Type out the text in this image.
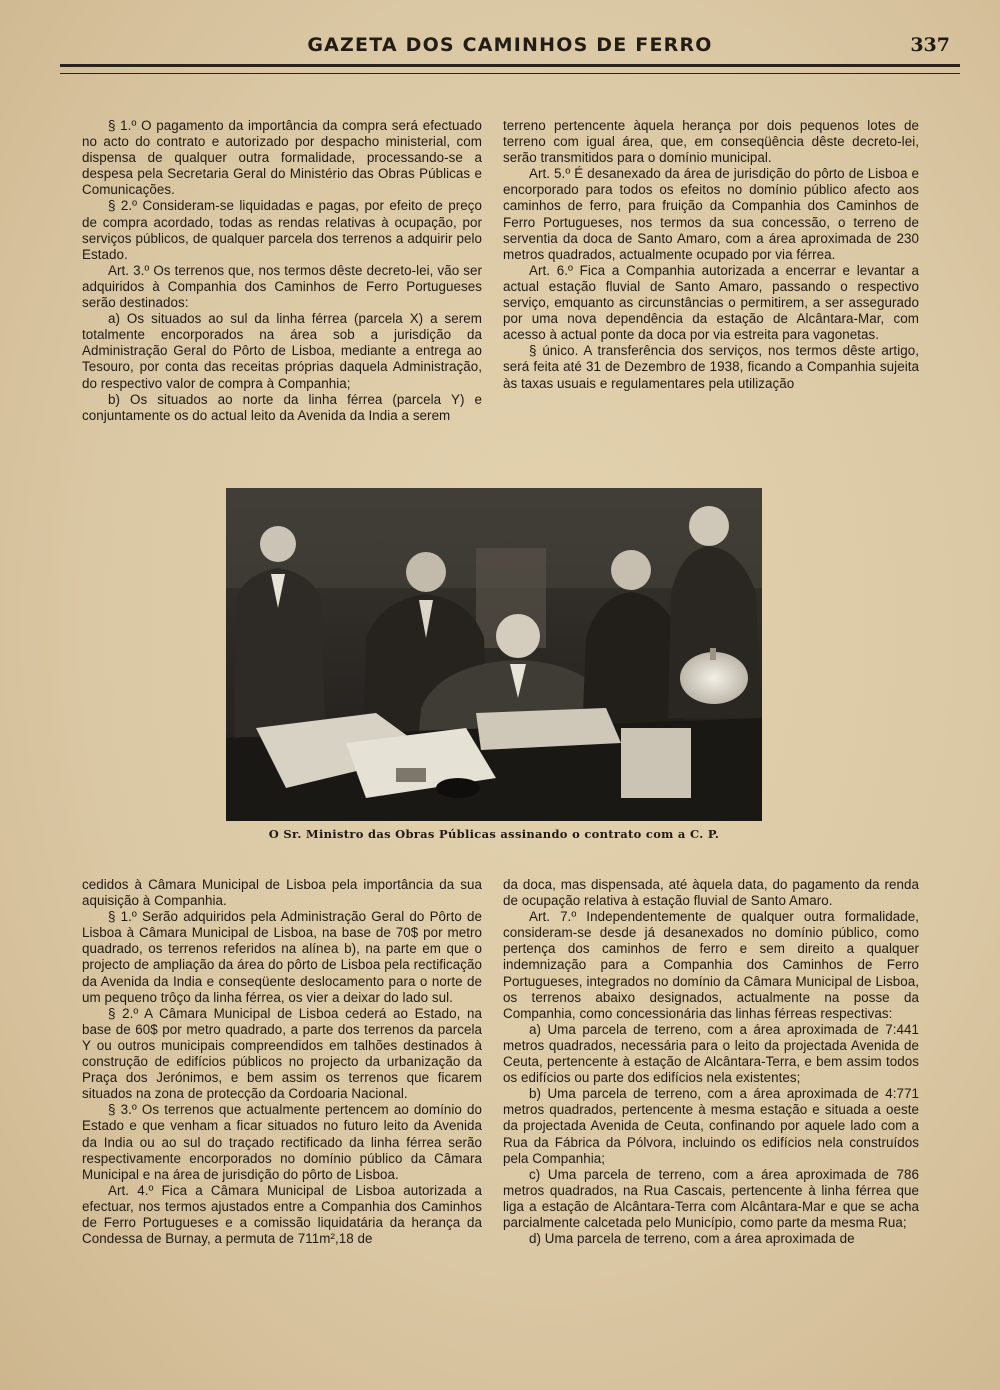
GAZETA DOS CAMINHOS DE FERRO	337

§ 1.º O pagamento da importância da compra será efectuado no acto do contrato e autorizado por despacho ministerial, com dispensa de qualquer outra formalidade, processando-se a despesa pela Secretaria Geral do Ministério das Obras Públicas e Comunicações.

§ 2.º Consideram-se liquidadas e pagas, por efeito de preço de compra acordado, todas as rendas relativas à ocupação, por serviços públicos, de qualquer parcela dos terrenos a adquirir pelo Estado.

Art. 3.º Os terrenos que, nos termos dêste decreto-lei, vão ser adquiridos à Companhia dos Caminhos de Ferro Portugueses serão destinados:

a) Os situados ao sul da linha férrea (parcela X) a serem totalmente encorporados na área sob a jurisdição da Administração Geral do Pôrto de Lisboa, mediante a entrega ao Tesouro, por conta das receitas próprias daquela Administração, do respectivo valor de compra à Companhia;

b) Os situados ao norte da linha férrea (parcela Y) e conjuntamente os do actual leito da Avenida da India a serem

terreno pertencente àquela herança por dois pequenos lotes de terreno com igual área, que, em conseqüência dêste decreto-lei, serão transmitidos para o domínio municipal.

Art. 5.º É desanexado da área de jurisdição do pôrto de Lisboa e encorporado para todos os efeitos no domínio público afecto aos caminhos de ferro, para fruição da Companhia dos Caminhos de Ferro Portugueses, nos termos da sua concessão, o terreno de serventia da doca de Santo Amaro, com a área aproximada de 230 metros quadrados, actualmente ocupado por via férrea.

Art. 6.º Fica a Companhia autorizada a encerrar e levantar a actual estação fluvial de Santo Amaro, passando o respectivo serviço, emquanto as circunstâncias o permitirem, a ser assegurado por uma nova dependência da estação de Alcântara-Mar, com acesso à actual ponte da doca por via estreita para vagonetas.

§ único. A transferência dos serviços, nos termos dêste artigo, será feita até 31 de Dezembro de 1938, ficando a Companhia sujeita às taxas usuais e regulamentares pela utilização

O Sr. Ministro das Obras Públicas assinando o contrato com a C. P.

cedidos à Câmara Municipal de Lisboa pela importância da sua aquisição à Companhia.

§ 1.º Serão adquiridos pela Administração Geral do Pôrto de Lisboa à Câmara Municipal de Lisboa, na base de 70$ por metro quadrado, os terrenos referidos na alínea b), na parte em que o projecto de ampliação da área do pôrto de Lisboa pela rectificação da Avenida da India e conseqüente deslocamento para o norte de um pequeno trôço da linha férrea, os vier a deixar do lado sul.

§ 2.º A Câmara Municipal de Lisboa cederá ao Estado, na base de 60$ por metro quadrado, a parte dos terrenos da parcela Y ou outros municipais compreendidos em talhões destinados à construção de edifícios públicos no projecto da urbanização da Praça dos Jerónimos, e bem assim os terrenos que ficarem situados na zona de protecção da Cordoaria Nacional.

§ 3.º Os terrenos que actualmente pertencem ao domínio do Estado e que venham a ficar situados no futuro leito da Avenida da India ou ao sul do traçado rectificado da linha férrea serão respectivamente encorporados no domínio público da Câmara Municipal e na área de jurisdição do pôrto de Lisboa.

Art. 4.º Fica a Câmara Municipal de Lisboa autorizada a efectuar, nos termos ajustados entre a Companhia dos Caminhos de Ferro Portugueses e a comissão liquidatária da herança da Condessa de Burnay, a permuta de 711m²,18 de

da doca, mas dispensada, até àquela data, do pagamento da renda de ocupação relativa à estação fluvial de Santo Amaro.

Art. 7.º Independentemente de qualquer outra formalidade, consideram-se desde já desanexados no domínio público, como pertença dos caminhos de ferro e sem direito a qualquer indemnização para a Companhia dos Caminhos de Ferro Portugueses, integrados no domínio da Câmara Municipal de Lisboa, os terrenos abaixo designados, actualmente na posse da Companhia, como concessionária das linhas férreas respectivas:

a) Uma parcela de terreno, com a área aproximada de 7:441 metros quadrados, necessária para o leito da projectada Avenida de Ceuta, pertencente à estação de Alcântara-Terra, e bem assim todos os edifícios ou parte dos edifícios nela existentes;

b) Uma parcela de terreno, com a área aproximada de 4:771 metros quadrados, pertencente à mesma estação e situada a oeste da projectada Avenida de Ceuta, confinando por aquele lado com a Rua da Fábrica da Pólvora, incluindo os edifícios nela construídos pela Companhia;

c) Uma parcela de terreno, com a área aproximada de 786 metros quadrados, na Rua Cascais, pertencente à linha férrea que liga a estação de Alcântara-Terra com Alcântara-Mar e que se acha parcialmente calcetada pelo Município, como parte da mesma Rua;

d) Uma parcela de terreno, com a área aproximada de
